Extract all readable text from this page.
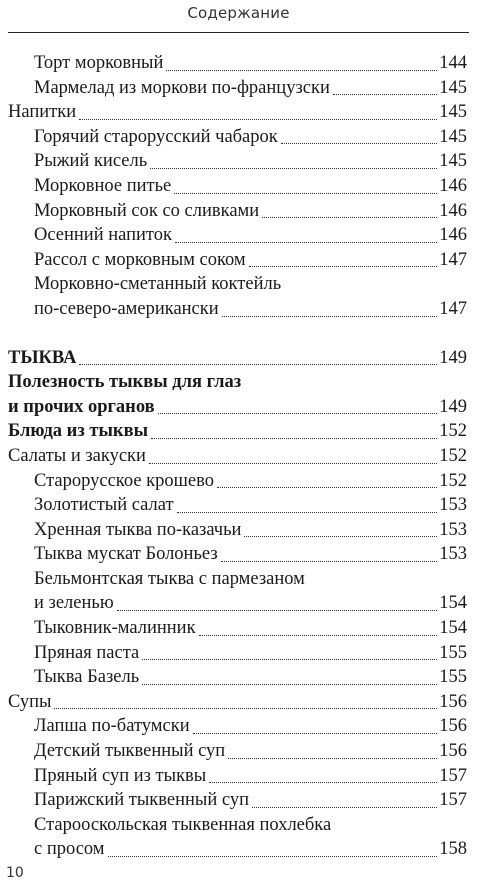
Содержание
Торт морковный	144
Мармелад из моркови по-французски	145
Напитки	145
Горячий старорусский чабарок	145
Рыжий кисель	145
Морковное питье	146
Морковный сок со сливками	146
Осенний напиток	146
Рассол с морковным соком	147
Морковно-сметанный коктейль
по-северо-американски	147
ТЫКВА	149
Полезность тыквы для глаз
и прочих органов	149
Блюда из тыквы	152
Салаты и закуски	152
Старорусское крошево	152
Золотистый салат	153
Хренная тыква по-казачьи	153
Тыква мускат Болоньез	153
Бельмонтская тыква с пармезаном
и зеленью	154
Тыковник-малинник	154
Пряная паста	155
Тыква Базель	155
Супы	156
Лапша по-батумски	156
Детский тыквенный суп	156
Пряный суп из тыквы	157
Парижский тыквенный суп	157
Старооскольская тыквенная похлебка
с просом	158
10
